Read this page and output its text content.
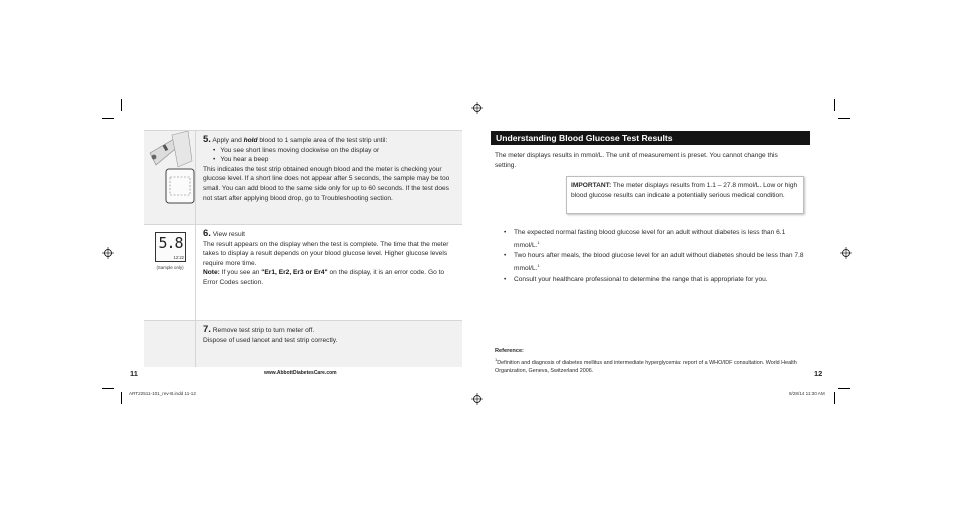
5. Apply and hold blood to 1 sample area of the test strip until:
• You see short lines moving clockwise on the display or
• You hear a beep
This indicates the test strip obtained enough blood and the meter is checking your glucose level. If a short line does not appear after 5 seconds, the sample may be too small. You can add blood to the same side only for up to 60 seconds. If the test does not start after applying blood drop, go to Troubleshooting section.
5.8
12:22
(Sample only)
6. View result
The result appears on the display when the test is complete. The time that the meter takes to display a result depends on your blood glucose level. Higher glucose levels require more time.
Note: If you see an "Er1, Er2, Er3 or Er4" on the display, it is an error code. Go to Error Codes section.
7. Remove test strip to turn meter off.
Dispose of used lancet and test strip correctly.
11	www.AbbottDiabetesCare.com
ART22511-101_rev-B.indd 11-12
Understanding Blood Glucose Test Results
The meter displays results in mmol/L. The unit of measurement is preset. You cannot change this setting.
IMPORTANT: The meter displays results from 1.1 – 27.8 mmol/L. Low or high blood glucose results can indicate a potentially serious medical condition.
• The expected normal fasting blood glucose level for an adult without diabetes is less than 6.1 mmol/L.$^1$
• Two hours after meals, the blood glucose level for an adult without diabetes should be less than 7.8 mmol/L.$^1$
• Consult your healthcare professional to determine the range that is appropriate for you.
Reference:
$^1$Definition and diagnosis of diabetes mellitus and intermediate hyperglycemia: report of a WHO/IDF consultation. World Health Organization, Geneva, Switzerland 2006.	12
8/28/14 11:30 AM
